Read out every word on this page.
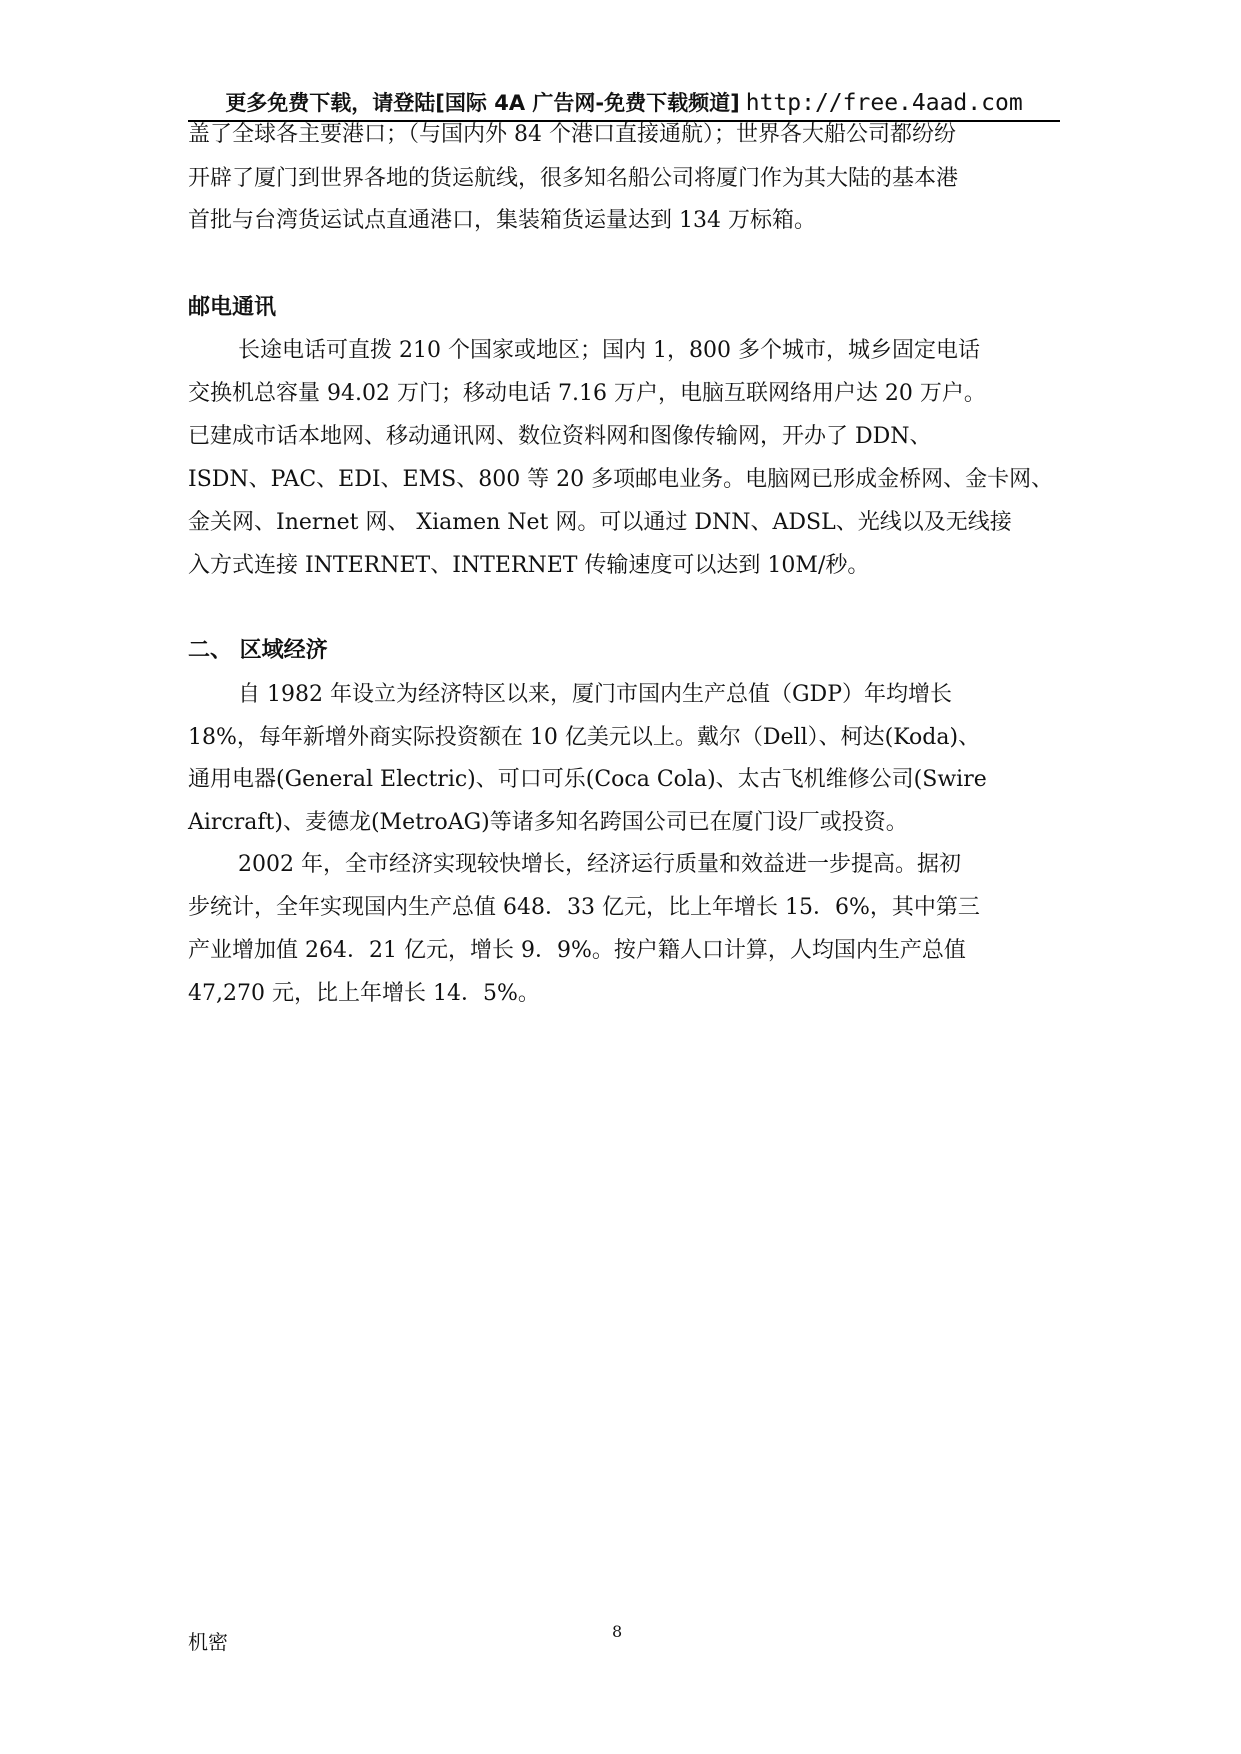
更多免费下载，请登陆[国际 4A 广告网-免费下载频道] http://free.4aad.com
盖了全球各主要港口；（与国内外 84 个港口直接通航）；世界各大船公司都纷纷
开辟了厦门到世界各地的货运航线，很多知名船公司将厦门作为其大陆的基本港
首批与台湾货运试点直通港口，集装箱货运量达到 134 万标箱。
邮电通讯
长途电话可直拨 210 个国家或地区；国内 1，800 多个城市，城乡固定电话
交换机总容量 94.02 万门；移动电话 7.16 万户，电脑互联网络用户达 20 万户。
已建成市话本地网、移动通讯网、数位资料网和图像传输网，开办了 DDN、
ISDN、PAC、EDI、EMS、800 等 20 多项邮电业务。电脑网已形成金桥网、金卡网、
金关网、Inernet 网、 Xiamen Net 网。可以通过 DNN、ADSL、光线以及无线接
入方式连接 INTERNET、INTERNET 传输速度可以达到 10M/秒。
二、 区域经济
自 1982 年设立为经济特区以来，厦门市国内生产总值（GDP）年均增长
18%，每年新增外商实际投资额在 10 亿美元以上。戴尔（Dell）、柯达(Koda)、
通用电器(General Electric)、可口可乐(Coca Cola)、太古飞机维修公司(Swire
Aircraft)、麦德龙(MetroAG)等诸多知名跨国公司已在厦门设厂或投资。
2002 年，全市经济实现较快增长，经济运行质量和效益进一步提高。据初
步统计，全年实现国内生产总值 648．33 亿元，比上年增长 15．6%，其中第三
产业增加值 264．21 亿元，增长 9．9%。按户籍人口计算，人均国内生产总值
47,270 元，比上年增长 14．5%。
机密	8
